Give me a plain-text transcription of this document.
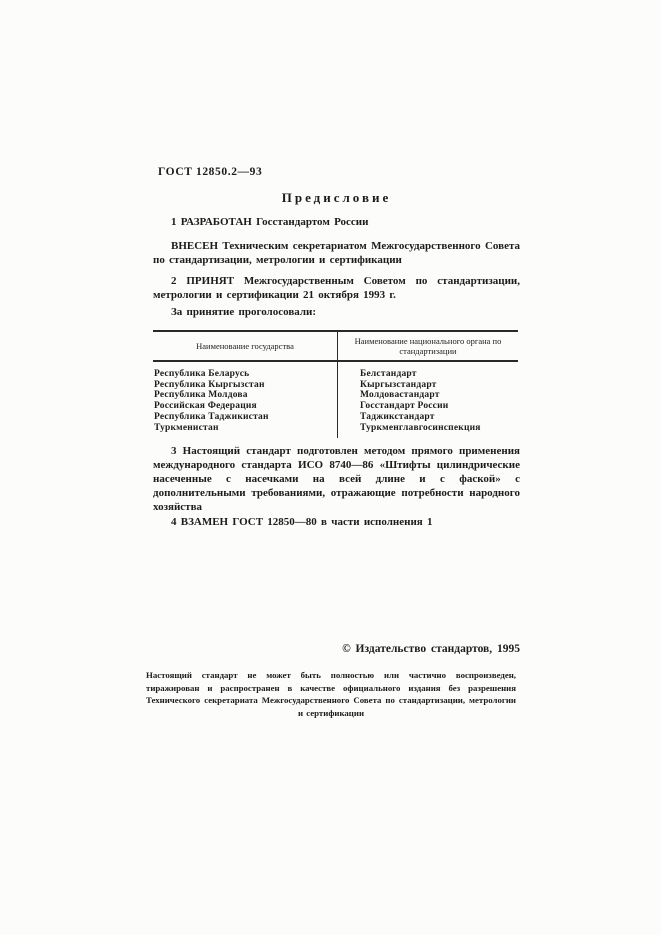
ГОСТ 12850.2—93
Предисловие
1 РАЗРАБОТАН Госстандартом России
ВНЕСЕН Техническим секретариатом Межгосударственного Совета по стандартизации, метрологии и сертификации
2 ПРИНЯТ Межгосударственным Советом по стандартизации, метрологии и сертификации 21 октября 1993 г.
За принятие проголосовали:
Наименование государства	Наименование национального органа по стандартизации
Республика Беларусь
Республика Кыргызстан
Республика Молдова
Российская Федерация
Республика Таджикистан
Туркменистан
Белстандарт
Кыргызстандарт
Молдовастандарт
Госстандарт России
Таджикстандарт
Туркменглавгосинспекция
3 Настоящий стандарт подготовлен методом прямого применения международного стандарта ИСО 8740—86 «Штифты цилиндрические насеченные с насечками на всей длине и с фаской» с дополнительными требованиями, отражающие потребности народного хозяйства
4 ВЗАМЕН ГОСТ 12850—80 в части исполнения 1
© Издательство стандартов, 1995
Настоящий стандарт не может быть полностью или частично воспроизведен, тиражирован и распространен в качестве официального издания без разрешения Технического секретариата Межгосударственного Совета по стандартизации, метрологии и сертификации
